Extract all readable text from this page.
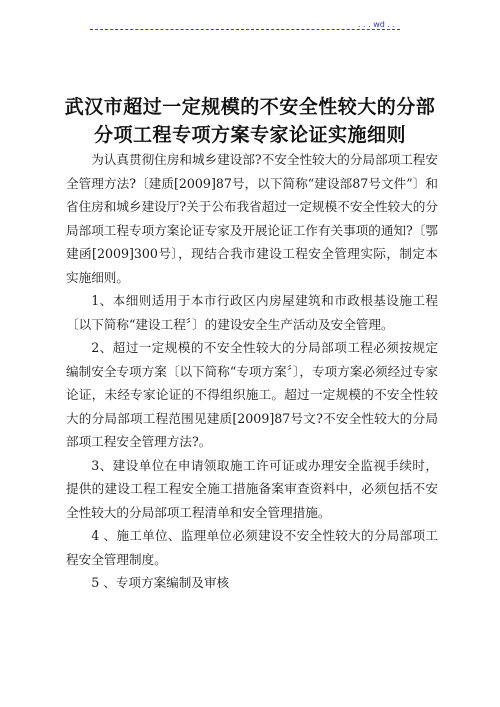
. . . wd . .
武汉市超过一定规模的不安全性较大的分部
分项工程专项方案专家论证实施细则

为认真贯彻住房和城乡建设部?不安全性较大的分局部项工程安全管理方法?〔建质[2009]87号，以下简称“建设部87号文件”〕和省住房和城乡建设厅?关于公布我省超过一定规模不安全性较大的分局部项工程专项方案论证专家及开展论证工作有关事项的通知?〔鄂建函[2009]300号〕，现结合我市建设工程安全管理实际，制定本实施细则。

1、本细则适用于本市行政区内房屋建筑和市政根基设施工程〔以下简称“建设工程〞〕的建设安全生产活动及安全管理。

2、超过一定规模的不安全性较大的分局部项工程必须按规定编制安全专项方案〔以下简称“专项方案〞〕，专项方案必须经过专家论证，未经专家论证的不得组织施工。超过一定规模的不安全性较大的分局部项工程范围见建质[2009]87号文?不安全性较大的分局部项工程安全管理方法?。

3、建设单位在申请领取施工许可证或办理安全监视手续时，提供的建设工程工程安全施工措施备案审查资料中，必须包括不安全性较大的分局部项工程清单和安全管理措施。

4 、施工单位、监理单位必须建设不安全性较大的分局部项工程安全管理制度。

5 、专项方案编制及审核
